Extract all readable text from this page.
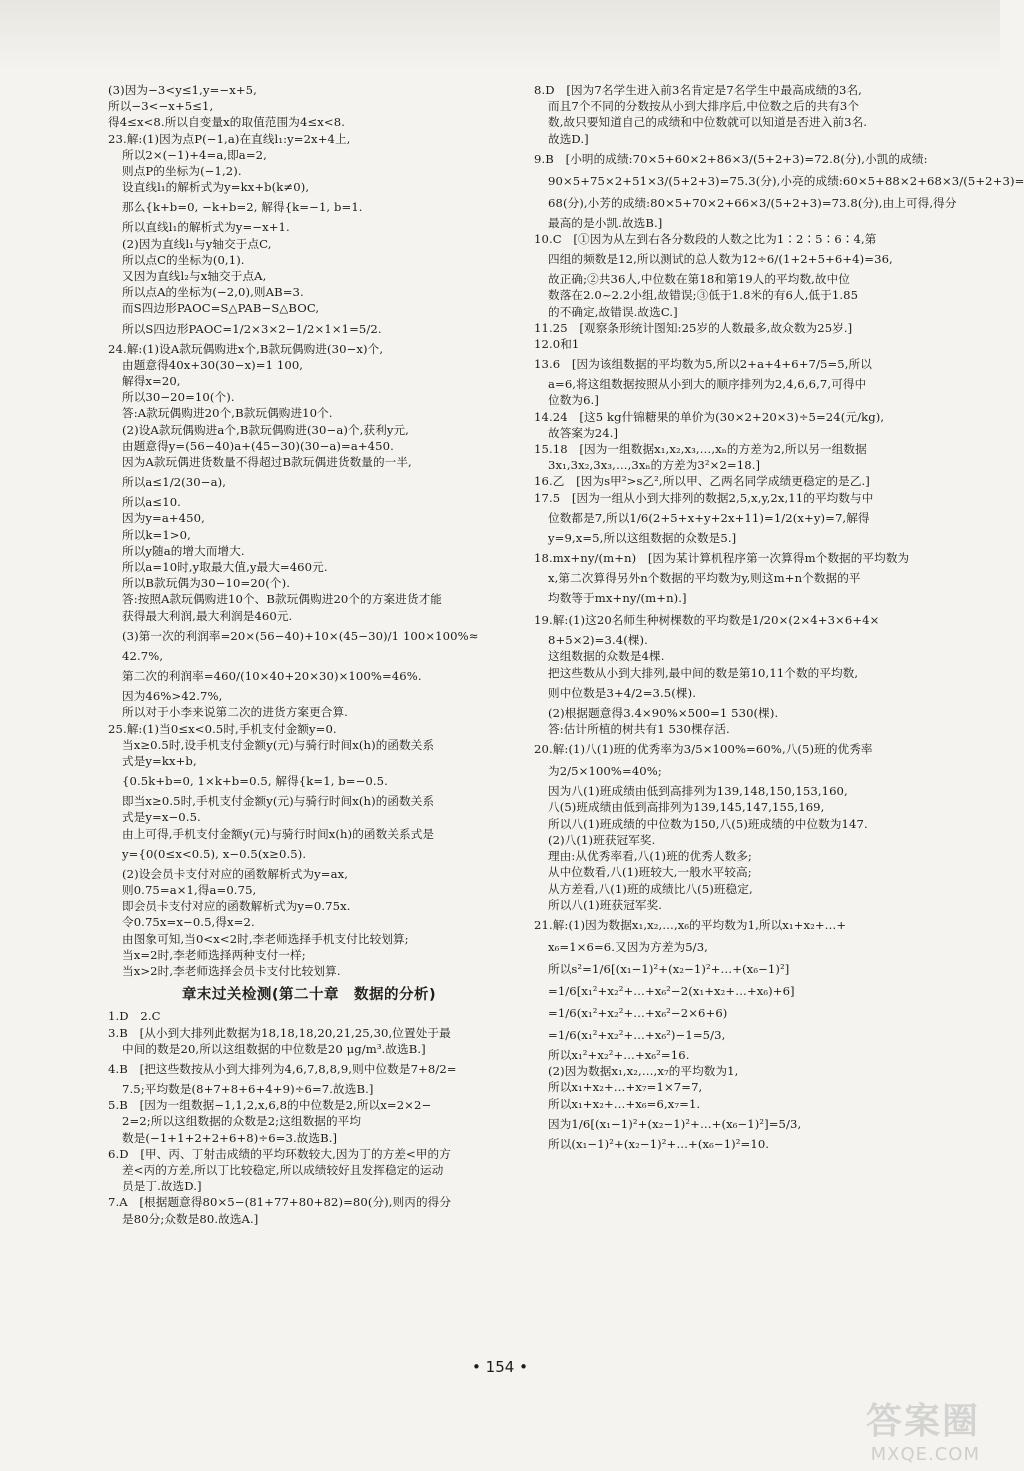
(3)因为−3<y≤1,y=−x+5,
所以−3<−x+5≤1,
得4≤x<8.所以自变量x的取值范围为4≤x<8.
23.解:(1)因为点P(−1,a)在直线l₁:y=2x+4上,
所以2×(−1)+4=a,即a=2,
则点P的坐标为(−1,2).
设直线l₁的解析式为y=kx+b(k≠0),
那么{k+b=0, −k+b=2, 解得{k=−1, b=1.
所以直线l₁的解析式为y=−x+1.
(2)因为直线l₁与y轴交于点C,
所以点C的坐标为(0,1).
又因为直线l₂与x轴交于点A,
所以点A的坐标为(−2,0),则AB=3.
而S四边形PAOC=S△PAB−S△BOC,
所以S四边形PAOC=1/2×3×2−1/2×1×1=5/2.
24.解:(1)设A款玩偶购进x个,B款玩偶购进(30−x)个,
由题意得40x+30(30−x)=1 100,
解得x=20,
所以30−20=10(个).
答:A款玩偶购进20个,B款玩偶购进10个.
(2)设A款玩偶购进a个,B款玩偶购进(30−a)个,获利y元,
由题意得y=(56−40)a+(45−30)(30−a)=a+450.
因为A款玩偶进货数量不得超过B款玩偶进货数量的一半,
所以a≤1/2(30−a),
所以a≤10.
因为y=a+450,
所以k=1>0,
所以y随a的增大而增大.
所以a=10时,y取最大值,y最大=460元.
所以B款玩偶为30−10=20(个).
答:按照A款玩偶购进10个、B款玩偶购进20个的方案进货才能
获得最大利润,最大利润是460元.
(3)第一次的利润率=20×(56−40)+10×(45−30)/1 100×100%≈
42.7%,
第二次的利润率=460/(10×40+20×30)×100%=46%.
因为46%>42.7%,
所以对于小李来说第二次的进货方案更合算.
25.解:(1)当0≤x<0.5时,手机支付金额y=0.
当x≥0.5时,设手机支付金额y(元)与骑行时间x(h)的函数关系
式是y=kx+b,
{0.5k+b=0, 1×k+b=0.5, 解得{k=1, b=−0.5.
即当x≥0.5时,手机支付金额y(元)与骑行时间x(h)的函数关系
式是y=x−0.5.
由上可得,手机支付金额y(元)与骑行时间x(h)的函数关系式是
y={0(0≤x<0.5), x−0.5(x≥0.5).
(2)设会员卡支付对应的函数解析式为y=ax,
则0.75=a×1,得a=0.75,
即会员卡支付对应的函数解析式为y=0.75x.
令0.75x=x−0.5,得x=2.
由图象可知,当0<x<2时,李老师选择手机支付比较划算;
当x=2时,李老师选择两种支付一样;
当x>2时,李老师选择会员卡支付比较划算.
章末过关检测(第二十章　数据的分析)
1.D　2.C
3.B　[从小到大排列此数据为18,18,18,20,21,25,30,位置处于最
中间的数是20,所以这组数据的中位数是20 μg/m³.故选B.]
4.B　[把这些数按从小到大排列为4,6,7,8,8,9,则中位数是7+8/2=
7.5;平均数是(8+7+8+6+4+9)÷6=7.故选B.]
5.B　[因为一组数据−1,1,2,x,6,8的中位数是2,所以x=2×2−
2=2;所以这组数据的众数是2;这组数据的平均
数是(−1+1+2+2+6+8)÷6=3.故选B.]
6.D　[甲、丙、丁射击成绩的平均环数较大,因为丁的方差<甲的方
差<丙的方差,所以丁比较稳定,所以成绩较好且发挥稳定的运动
员是丁.故选D.]
7.A　[根据题意得80×5−(81+77+80+82)=80(分),则丙的得分
是80分;众数是80.故选A.]
8.D　[因为7名学生进入前3名肯定是7名学生中最高成绩的3名,
而且7个不同的分数按从小到大排序后,中位数之后的共有3个
数,故只要知道自己的成绩和中位数就可以知道是否进入前3名.
故选D.]
9.B　[小明的成绩:70×5+60×2+86×3/(5+2+3)=72.8(分),小凯的成绩:
90×5+75×2+51×3/(5+2+3)=75.3(分),小亮的成绩:60×5+88×2+68×3/(5+2+3)=
68(分),小芳的成绩:80×5+70×2+66×3/(5+2+3)=73.8(分),由上可得,得分
最高的是小凯.故选B.]
10.C　[①因为从左到右各分数段的人数之比为1∶2∶5∶6∶4,第
四组的频数是12,所以测试的总人数为12÷6/(1+2+5+6+4)=36,
故正确;②共36人,中位数在第18和第19人的平均数,故中位
数落在2.0~2.2小组,故错误;③低于1.8米的有6人,低于1.85
的不确定,故错误.故选C.]
11.25　[观察条形统计图知:25岁的人数最多,故众数为25岁.]
12.0和1
13.6　[因为该组数据的平均数为5,所以2+a+4+6+7/5=5,所以
a=6,将这组数据按照从小到大的顺序排列为2,4,6,6,7,可得中
位数为6.]
14.24　[这5 kg什锦糖果的单价为(30×2+20×3)÷5=24(元/kg),
故答案为24.]
15.18　[因为一组数据x₁,x₂,x₃,…,xₙ的方差为2,所以另一组数据
3x₁,3x₂,3x₃,…,3xₙ的方差为3²×2=18.]
16.乙　[因为s甲²>s乙²,所以甲、乙两名同学成绩更稳定的是乙.]
17.5　[因为一组从小到大排列的数据2,5,x,y,2x,11的平均数与中
位数都是7,所以1/6(2+5+x+y+2x+11)=1/2(x+y)=7,解得
y=9,x=5,所以这组数据的众数是5.]
18.mx+ny/(m+n)　[因为某计算机程序第一次算得m个数据的平均数为
x,第二次算得另外n个数据的平均数为y,则这m+n个数据的平
均数等于mx+ny/(m+n).]
19.解:(1)这20名师生种树棵数的平均数是1/20×(2×4+3×6+4×
8+5×2)=3.4(棵).
这组数据的众数是4棵.
把这些数从小到大排列,最中间的数是第10,11个数的平均数,
则中位数是3+4/2=3.5(棵).
(2)根据题意得3.4×90%×500=1 530(棵).
答:估计所植的树共有1 530棵存活.
20.解:(1)八(1)班的优秀率为3/5×100%=60%,八(5)班的优秀率
为2/5×100%=40%;
因为八(1)班成绩由低到高排列为139,148,150,153,160,
八(5)班成绩由低到高排列为139,145,147,155,169,
所以八(1)班成绩的中位数为150,八(5)班成绩的中位数为147.
(2)八(1)班获冠军奖.
理由:从优秀率看,八(1)班的优秀人数多;
从中位数看,八(1)班较大,一般水平较高;
从方差看,八(1)班的成绩比八(5)班稳定,
所以八(1)班获冠军奖.
21.解:(1)因为数据x₁,x₂,…,x₆的平均数为1,所以x₁+x₂+…+
x₆=1×6=6.又因为方差为5/3,
所以s²=1/6[(x₁−1)²+(x₂−1)²+…+(x₆−1)²]
=1/6[x₁²+x₂²+…+x₆²−2(x₁+x₂+…+x₆)+6]
=1/6(x₁²+x₂²+…+x₆²−2×6+6)
=1/6(x₁²+x₂²+…+x₆²)−1=5/3,
所以x₁²+x₂²+…+x₆²=16.
(2)因为数据x₁,x₂,…,x₇的平均数为1,
所以x₁+x₂+…+x₇=1×7=7,
所以x₁+x₂+…+x₆=6,x₇=1.
因为1/6[(x₁−1)²+(x₂−1)²+…+(x₆−1)²]=5/3,
所以(x₁−1)²+(x₂−1)²+…+(x₆−1)²=10.
• 154 •
答案圈
MXQE.COM
